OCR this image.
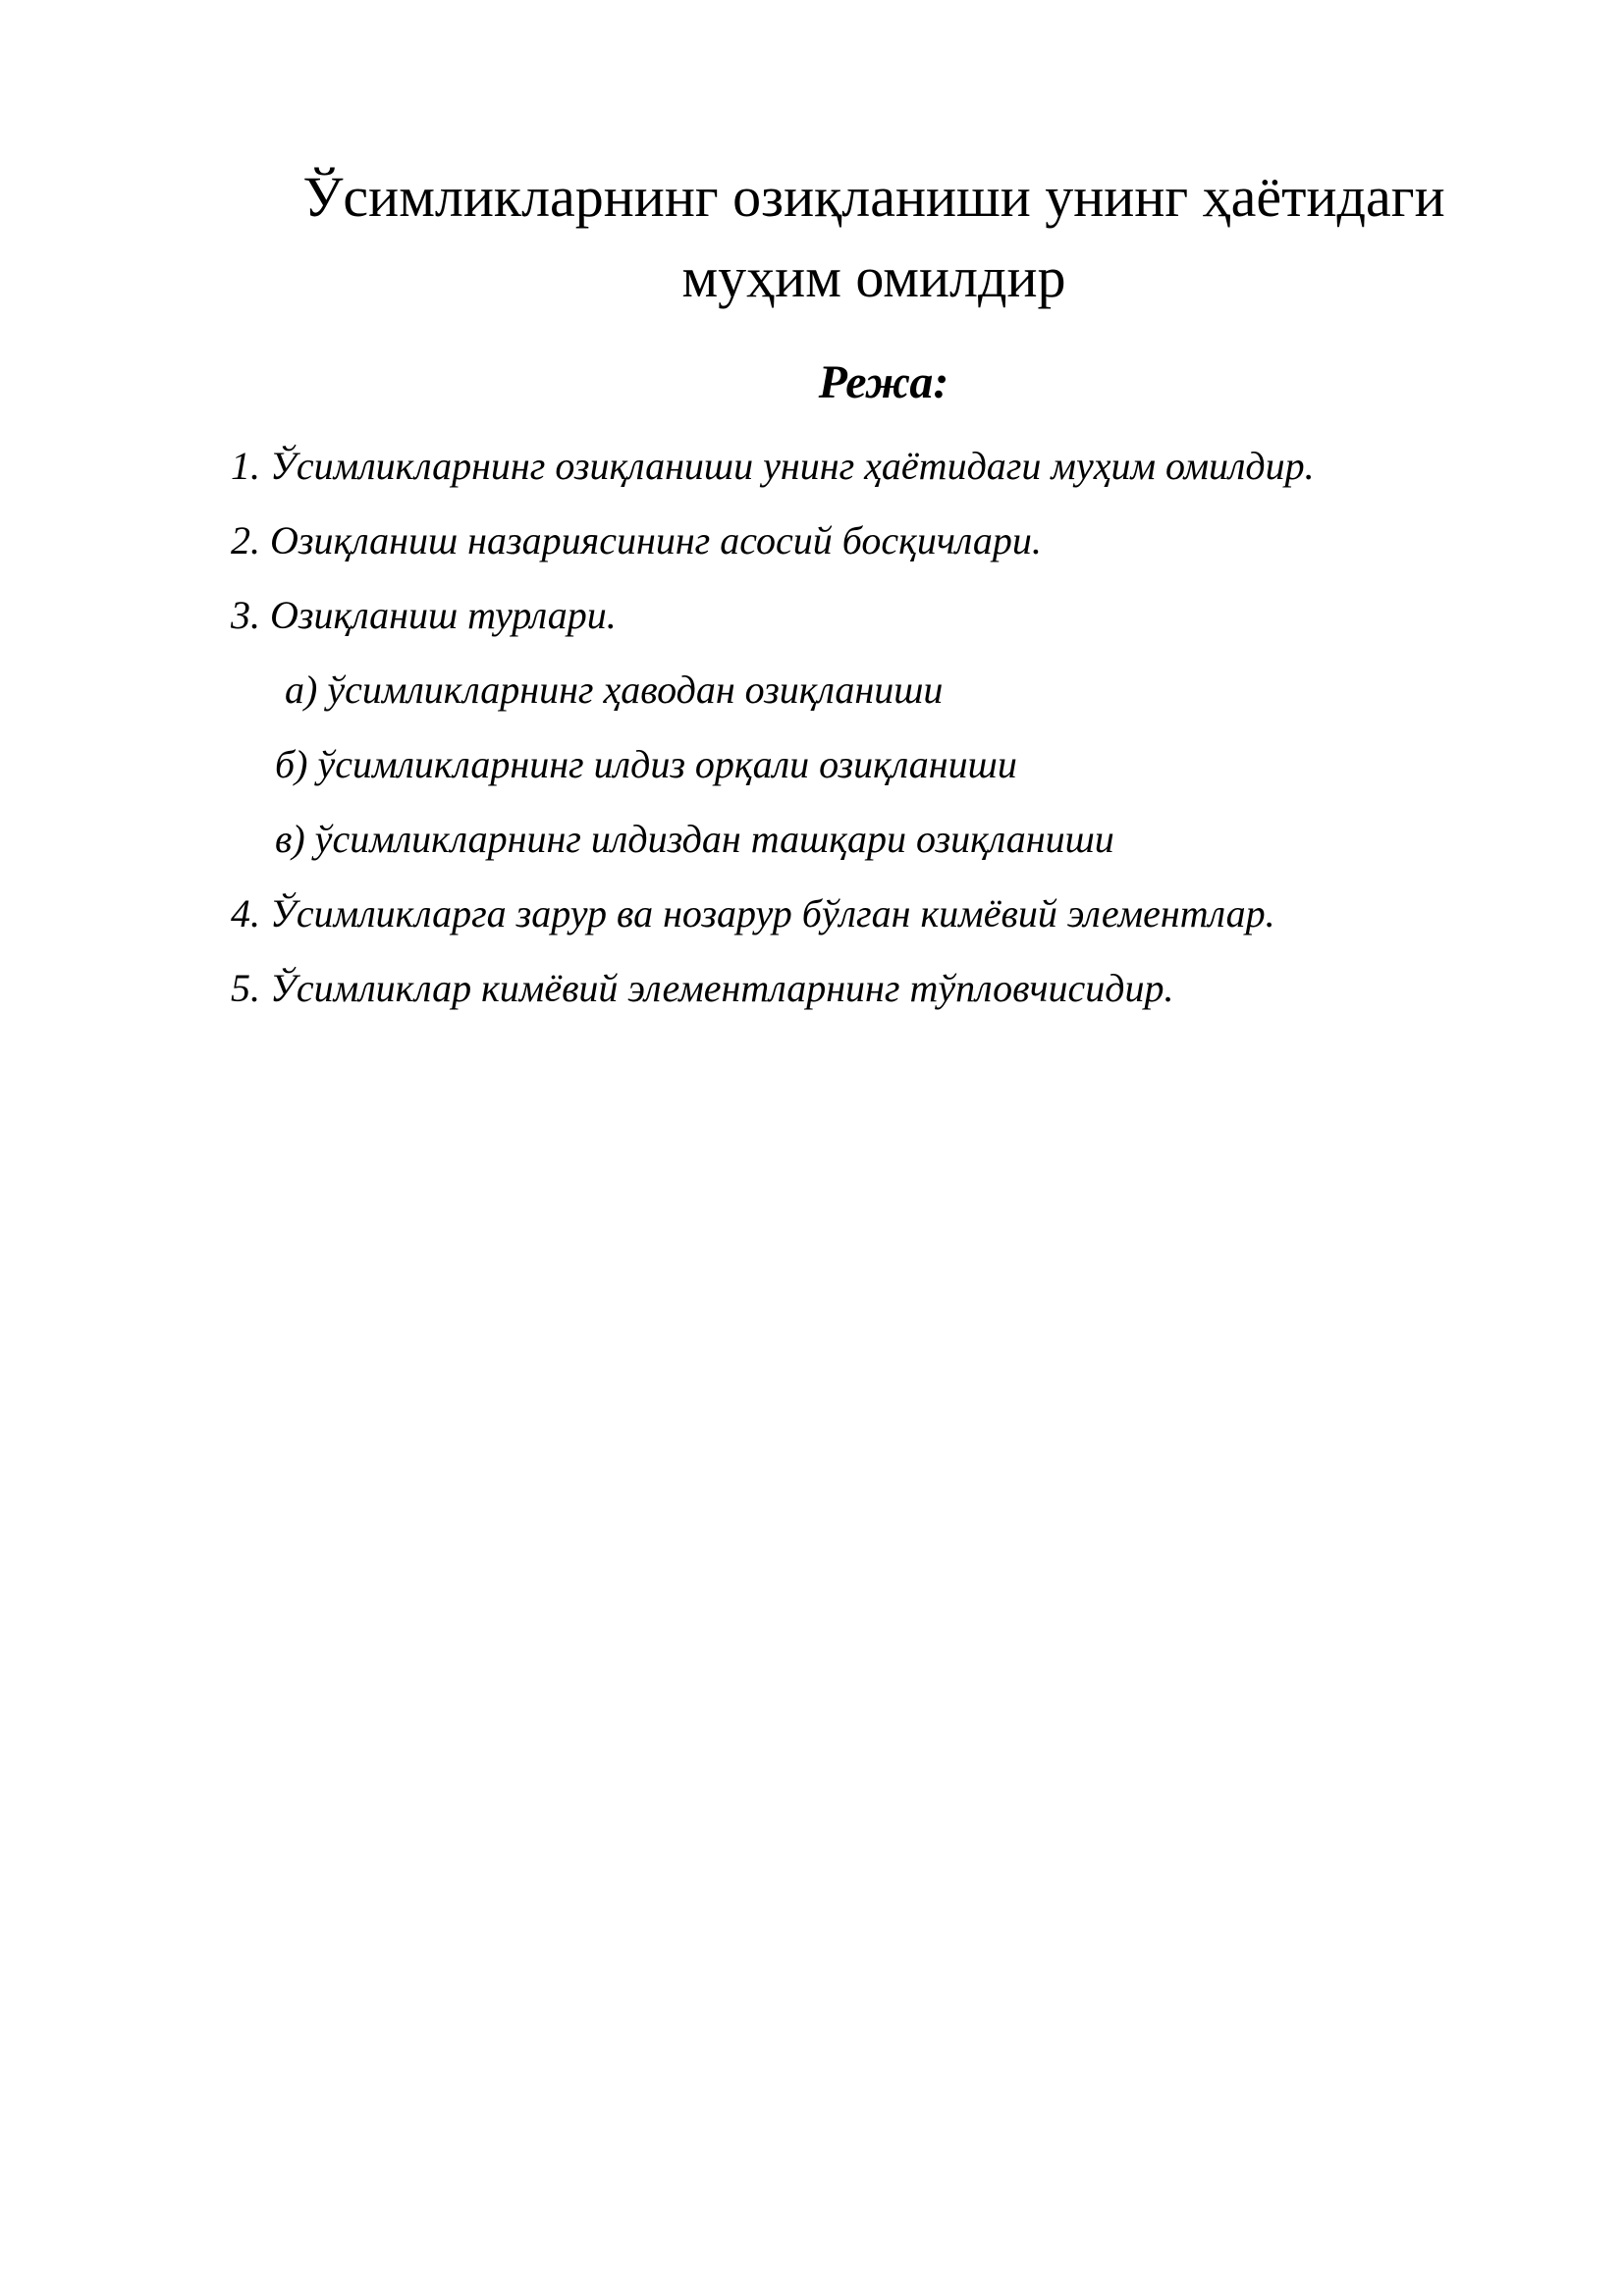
Ўсимликларнинг озиқланиши унинг ҳаётидаги
муҳим омилдир
Режа:
1. Ўсимликларнинг озиқланиши унинг ҳаётидаги муҳим омилдир.
2. Озиқланиш назариясининг асосий босқичлари.
3. Озиқланиш турлари.
а) ўсимликларнинг ҳаводан озиқланиши
б) ўсимликларнинг илдиз орқали озиқланиши
в) ўсимликларнинг илдиздан ташқари озиқланиши
4. Ўсимликларга зарур ва нозарур бўлган кимёвий элементлар.
5. Ўсимликлар кимёвий элементларнинг тўпловчисидир.
